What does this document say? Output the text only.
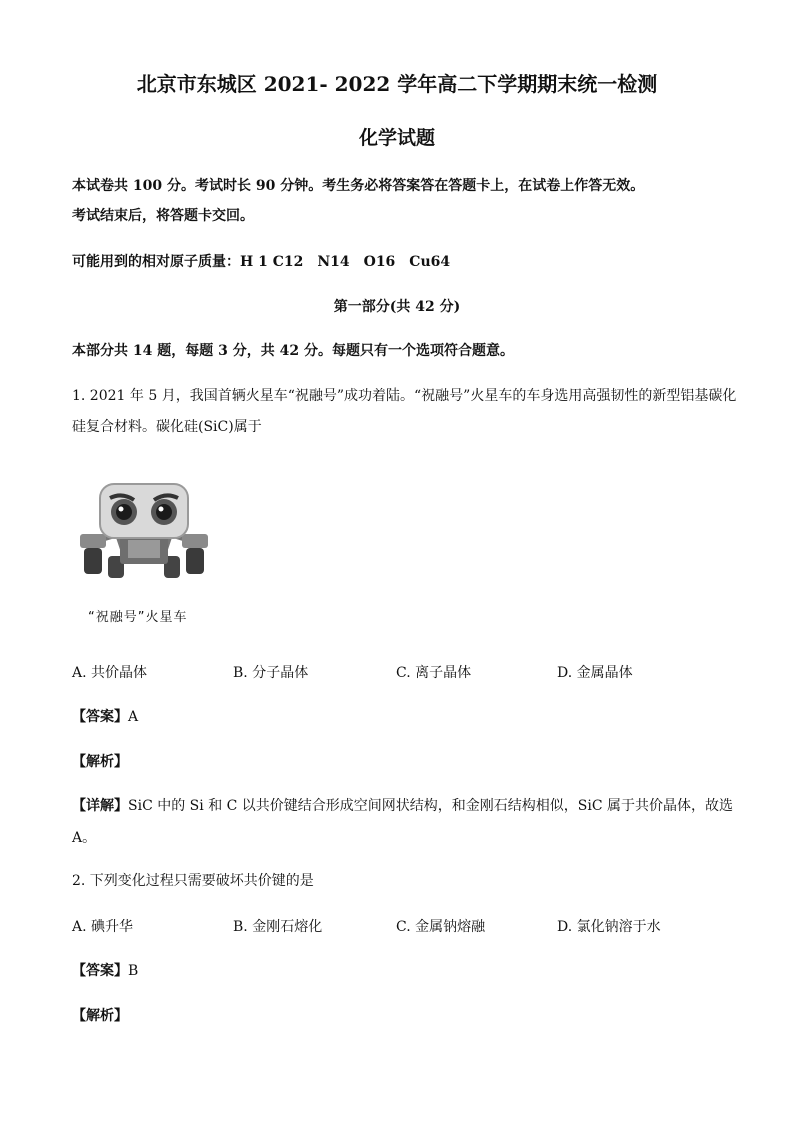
北京市东城区 2021- 2022 学年高二下学期期末统一检测
化学试题
本试卷共 100 分。考试时长 90 分钟。考生务必将答案答在答题卡上，在试卷上作答无效。
考试结束后，将答题卡交回。
可能用到的相对原子质量：H 1 C12　N14　O16　Cu64
第一部分(共 42 分)
本部分共 14 题，每题 3 分，共 42 分。每题只有一个选项符合题意。
1. 2021 年 5 月，我国首辆火星车“祝融号”成功着陆。“祝融号”火星车的车身选用高强韧性的新型铝基碳化
硅复合材料。碳化硅(SiC)属于
“祝融号”火星车
A. 共价晶体	B. 分子晶体	C. 离子晶体	D. 金属晶体
【答案】A
【解析】
【详解】SiC 中的 Si 和 C 以共价键结合形成空间网状结构，和金刚石结构相似，SiC 属于共价晶体，故选
A。
2. 下列变化过程只需要破坏共价键的是
A. 碘升华	B. 金刚石熔化	C. 金属钠熔融	D. 氯化钠溶于水
【答案】B
【解析】
